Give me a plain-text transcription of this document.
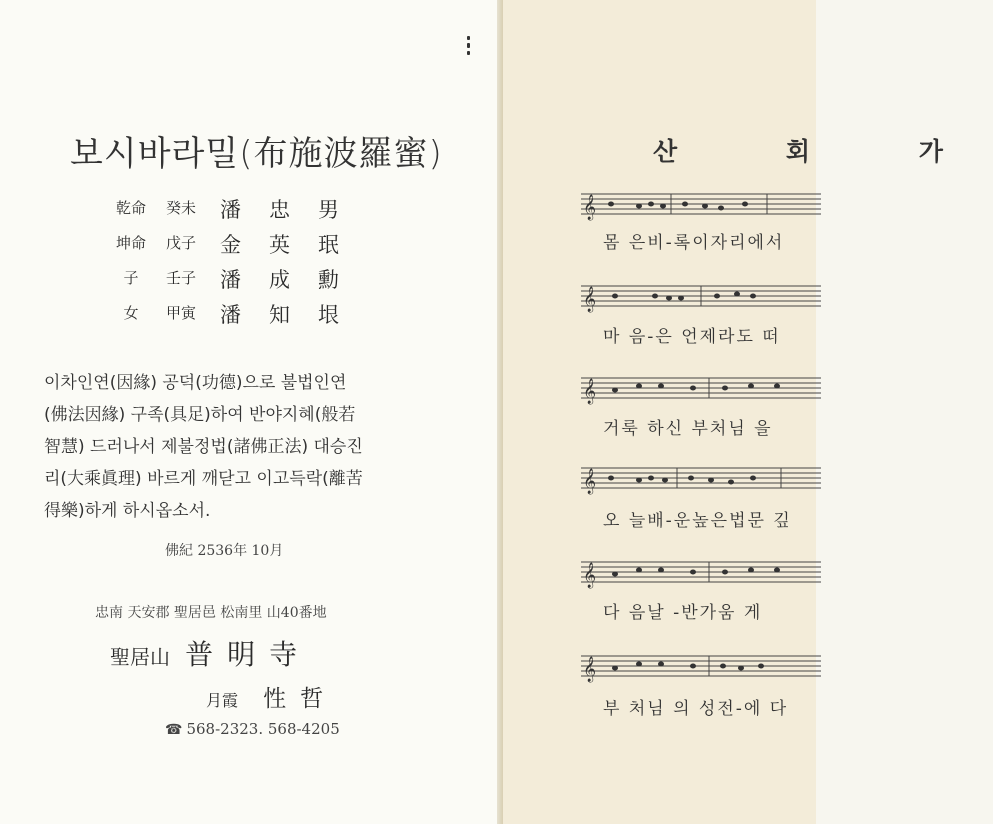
보시바라밀(布施波羅蜜)
乾命	癸未 潘忠男
坤命	戊子 金英珉
子	壬子 潘成勳
女	甲寅 潘知垠

이차인연(因緣) 공덕(功德)으로 불법인연

(佛法因緣) 구족(具足)하여 반야지혜(般若

智慧) 드러나서 제불정법(諸佛正法) 대승진

리(大乘眞理) 바르게 깨닫고 이고득락(離苦

得樂)하게 하시옵소서.

佛紀 2536年 10月
忠南 天安郡 聖居邑 松南里 山40番地
聖居山 普明寺
月霞 性哲
☎ 568-2323. 568-4205
산 회 가
𝄞
몸 은비-록이자리에서
𝄞
마 음-은 언제라도 떠
𝄞
거룩 하신 부처님 을
𝄞
오 늘배-운높은법문 깊
𝄞
다 음날 -반가움 게
𝄞
부 처님 의 성전-에 다
